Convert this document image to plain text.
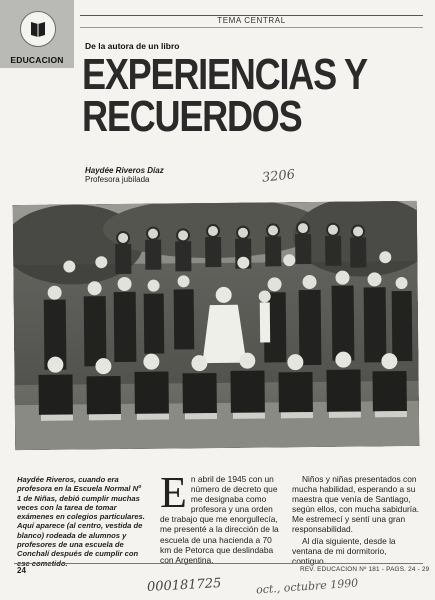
EDUCACION
TEMA CENTRAL
De la autora de un libro
EXPERIENCIAS Y
RECUERDOS
Haydée Riveros Díaz
Profesora jubilada	3206
Haydée Riveros, cuando era profesora en la Escuela Normal Nº 1 de Niñas, debió cumplir muchas veces con la tarea de tomar exámenes en colegios particulares. Aquí aparece (al centro, vestida de blanco) rodeada de alumnos y profesores de una escuela de Conchalí después de cumplir con ese cometido.
E n abril de 1945 con un número de decreto que me designaba como profesora y una orden de trabajo que me enorgullecía, me presenté a la dirección de la escuela de una hacienda a 70 km de Petorca que deslindaba con Argentina.

Niños y niñas presentados con mucha habilidad, esperando a su maestra que venía de Santiago, según ellos, con mucha sabiduría. Me estremecí y sentí una gran responsabilidad.

Al día siguiente, desde la ventana de mi dormitorio, contiguo

24	REV. EDUCACION Nº 181 - PAGS. 24 - 29
000181725	oct., octubre 1990
